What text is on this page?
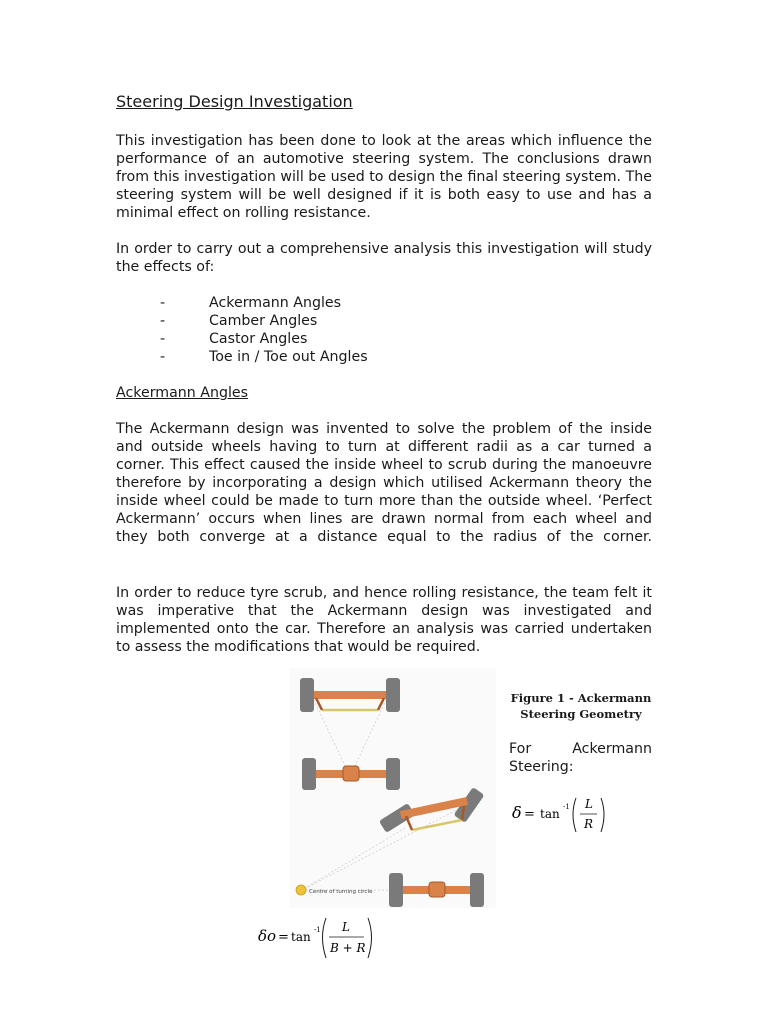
Steering Design Investigation

This investigation has been done to look at the areas which influence the performance of an automotive steering system. The conclusions drawn from this investigation will be used to design the final steering system. The steering system will be well designed if it is both easy to use and has a minimal effect on rolling resistance.

In order to carry out a comprehensive analysis this investigation will study the effects of:

-	Ackermann Angles
-	Camber Angles
-	Castor Angles
-	Toe in / Toe out Angles
Ackermann Angles

The Ackermann design was invented to solve the problem of the inside and outside wheels having to turn at different radii as a car turned a corner. This effect caused the inside wheel to scrub during the manoeuvre therefore by incorporating a design which utilised Ackermann theory the inside wheel could be made to turn more than the outside wheel. ‘Perfect Ackermann’ occurs when lines are drawn normal from each wheel and they both converge at a distance equal to the radius of the corner.

In order to reduce tyre scrub, and hence rolling resistance, the team felt it was imperative that the Ackermann design was investigated and implemented onto the car. Therefore an analysis was carried undertaken to assess the modifications that would be required.

Centre of turning circle
Figure 1 - Ackermann
Steering Geometry
For Ackermann
Steering:
δ = tan -1 L
R
δo = tan -1 L
B + R
